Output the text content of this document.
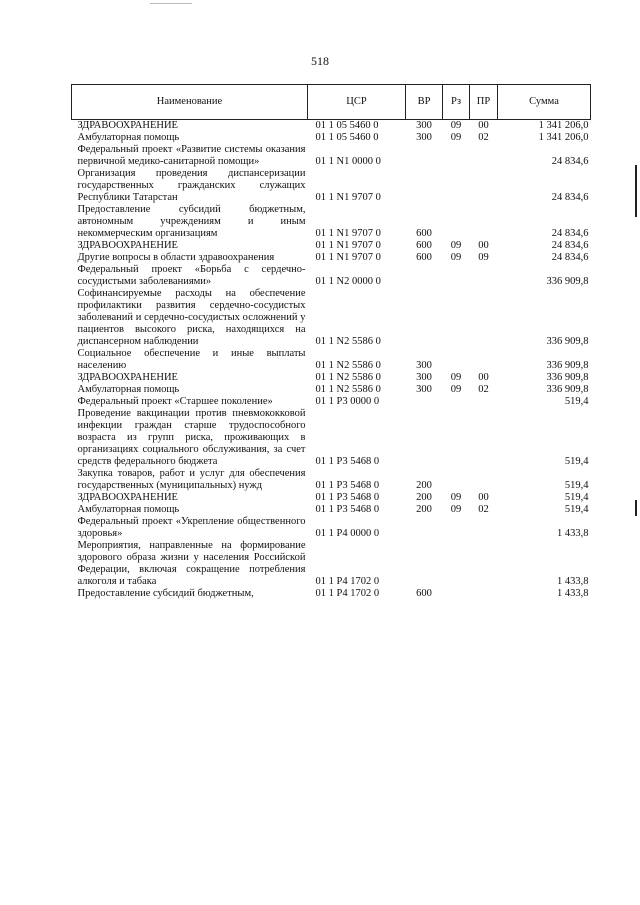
518
Наименование	ЦСР	ВР	Рз	ПР	Сумма
ЗДРАВООХРАНЕНИЕ	01 1 05 5460 0	300	09	00	1 341 206,0
Амбулаторная помощь	01 1 05 5460 0	300	09	02	1 341 206,0
Федеральный проект «Развитие системы оказания первичной медико-санитарной помощи»	01 1 N1 0000 0				24 834,6
Организация проведения диспансеризации государственных гражданских служащих Республики Татарстан	01 1 N1 9707 0				24 834,6
Предоставление субсидий бюджетным, автономным учреждениям и иным некоммерческим организациям	01 1 N1 9707 0	600			24 834,6
ЗДРАВООХРАНЕНИЕ	01 1 N1 9707 0	600	09	00	24 834,6
Другие вопросы в области здравоохранения	01 1 N1 9707 0	600	09	09	24 834,6
Федеральный проект «Борьба с сердечно-сосудистыми заболеваниями»	01 1 N2 0000 0				336 909,8
Софинансируемые расходы на обеспечение профилактики развития сердечно-сосудистых заболеваний и сердечно-сосудистых осложнений у пациентов высокого риска, находящихся на диспансерном наблюдении	01 1 N2 5586 0				336 909,8
Социальное обеспечение и иные выплаты населению	01 1 N2 5586 0	300			336 909,8
ЗДРАВООХРАНЕНИЕ	01 1 N2 5586 0	300	09	00	336 909,8
Амбулаторная помощь	01 1 N2 5586 0	300	09	02	336 909,8
Федеральный проект «Старшее поколение»	01 1 P3 0000 0				519,4
Проведение вакцинации против пневмококковой инфекции граждан старше трудоспособного возраста из групп риска, проживающих в организациях социального обслуживания, за счет средств федерального бюджета	01 1 P3 5468 0				519,4
Закупка товаров, работ и услуг для обеспечения государственных (муниципальных) нужд	01 1 P3 5468 0	200			519,4
ЗДРАВООХРАНЕНИЕ	01 1 P3 5468 0	200	09	00	519,4
Амбулаторная помощь	01 1 P3 5468 0	200	09	02	519,4
Федеральный проект «Укрепление общественного здоровья»	01 1 P4 0000 0				1 433,8
Мероприятия, направленные на формирование здорового образа жизни у населения Российской Федерации, включая сокращение потребления алкоголя и табака	01 1 P4 1702 0				1 433,8
Предоставление субсидий бюджетным,	01 1 P4 1702 0	600			1 433,8
